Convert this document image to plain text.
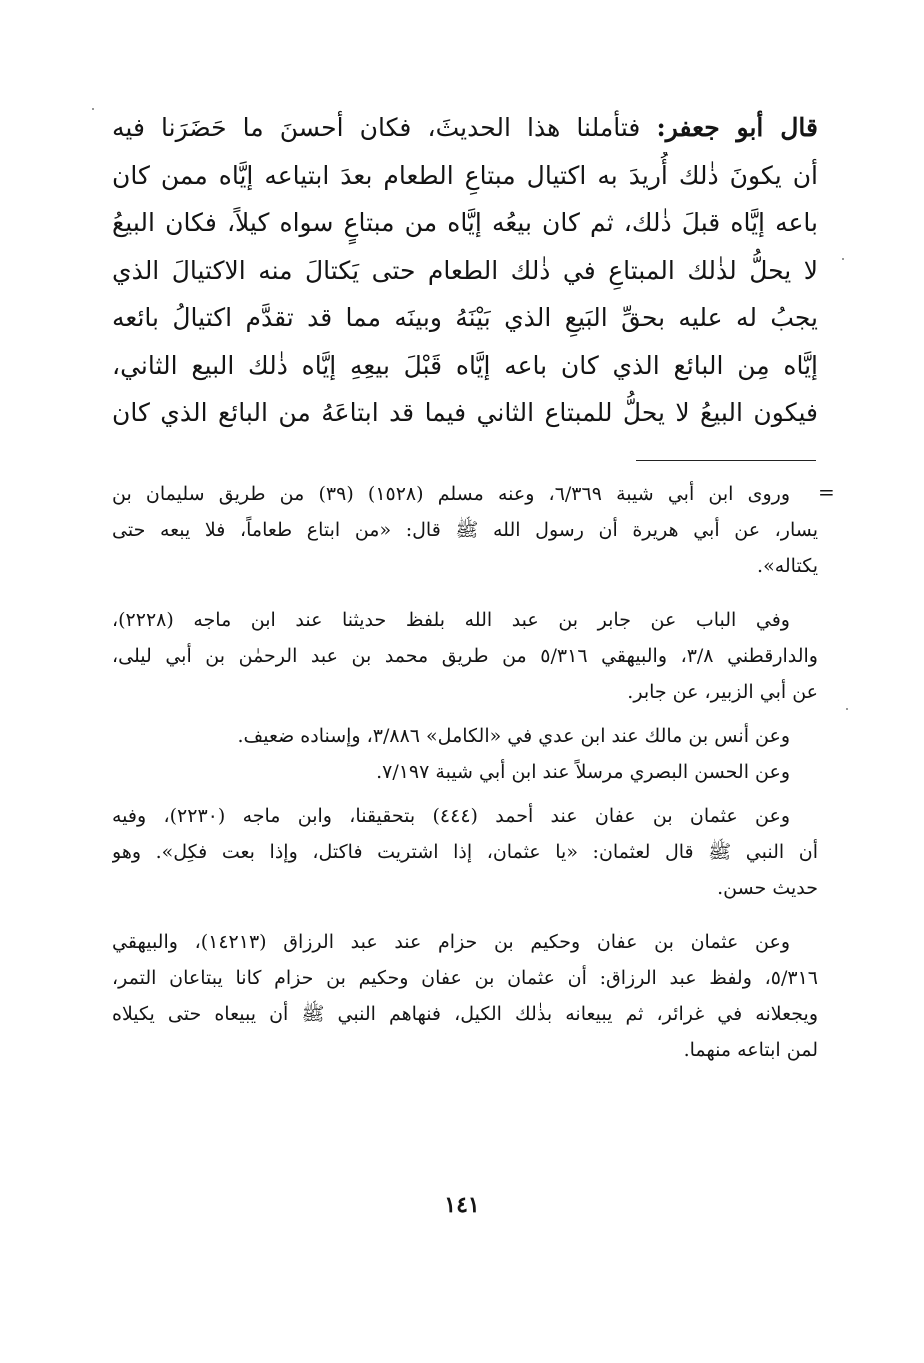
قال أبو جعفر: فتأملنا هذا الحديثَ، فكان أحسنَ ما حَضَرَنا فيه
أن يكونَ ذٰلك أُريدَ به اكتيال مبتاعِ الطعام بعدَ ابتياعه إيَّاه ممن كان
باعه إيَّاه قبلَ ذٰلك، ثم كان بيعُه إيَّاه من مبتاعٍ سواه كيلاً، فكان البيعُ
لا يحلُّ لذٰلك المبتاعِ في ذٰلك الطعام حتى يَكتالَ منه الاكتيالَ الذي
يجبُ له عليه بحقِّ البَيعِ الذي بَيْنَهُ وبينَه مما قد تقدَّم اكتيالُ بائعه
إيَّاه مِن البائع الذي كان باعه إيَّاه قَبْلَ بيعِهِ إيَّاه ذٰلك البيع الثاني،
فيكون البيعُ لا يحلُّ للمبتاع الثاني فيما قد ابتاعَهُ من البائع الذي كان
=
وروى ابن أبي شيبة ٦/٣٦٩، وعنه مسلم (١٥٢٨) (٣٩) من طريق سليمان بن
يسار، عن أبي هريرة أن رسول الله ﷺ قال: «من ابتاع طعاماً، فلا يبعه حتى
يكتاله».
وفي الباب عن جابر بن عبد الله بلفظ حديثنا عند ابن ماجه (٢٢٢٨)،
والدارقطني ٣/٨، والبيهقي ٥/٣١٦ من طريق محمد بن عبد الرحمٰن بن أبي ليلى،
عن أبي الزبير، عن جابر.
وعن أنس بن مالك عند ابن عدي في «الكامل» ٣/٨٨٦، وإسناده ضعيف.
وعن الحسن البصري مرسلاً عند ابن أبي شيبة ٧/١٩٧.
وعن عثمان بن عفان عند أحمد (٤٤٤) بتحقيقنا، وابن ماجه (٢٢٣٠)، وفيه
أن النبي ﷺ قال لعثمان: «يا عثمان، إذا اشتريت فاكتل، وإذا بعت فكِل». وهو
حديث حسن.
وعن عثمان بن عفان وحكيم بن حزام عند عبد الرزاق (١٤٢١٣)، والبيهقي
٥/٣١٦، ولفظ عبد الرزاق: أن عثمان بن عفان وحكيم بن حزام كانا يبتاعان التمر،
ويجعلانه في غرائر، ثم يبيعانه بذٰلك الكيل، فنهاهم النبي ﷺ أن يبيعاه حتى يكيلاه
لمن ابتاعه منهما.
١٤١
